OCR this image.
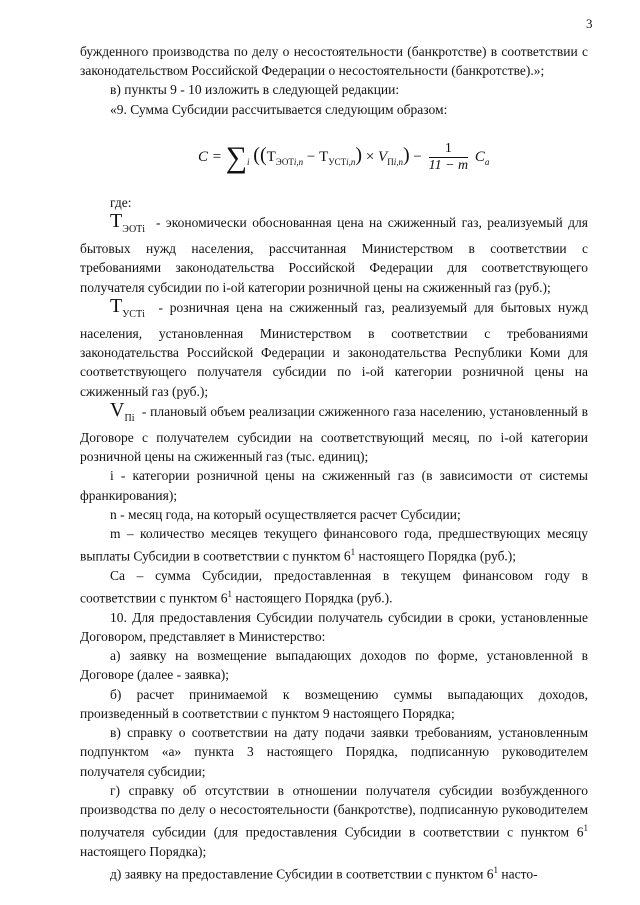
3

бужденного производства по делу о несостоятельности (банкротстве) в соответствии с законодательством Российской Федерации о несостоятельности (банкротстве).»;

в) пункты 9 - 10 изложить в следующей редакции:

«9. Сумма Субсидии рассчитывается следующим образом:

$C = \sum_i$ $((Т_{ЭОТi,n} - Т_{УСТi,n}) \times V_{Пi,n}) - \frac{1}{11 - m} C_a$

где:

$Т_{ЭОТi}$ - экономически обоснованная цена на сжиженный газ, реализуемый для бытовых нужд населения, рассчитанная Министерством в соответствии с требованиями законодательства Российской Федерации для соответствующего получателя субсидии по i-ой категории розничной цены на сжиженный газ (руб.);

$Т_{УСТi}$ - розничная цена на сжиженный газ, реализуемый для бытовых нужд населения, установленная Министерством в соответствии с требованиями законодательства Российской Федерации и законодательства Республики Коми для соответствующего получателя субсидии по i-ой категории розничной цены на сжиженный газ (руб.);

$V_{Пi}$ - плановый объем реализации сжиженного газа населению, установленный в Договоре с получателем субсидии на соответствующий месяц, по i-ой категории розничной цены на сжиженный газ (тыс. единиц);

i - категории розничной цены на сжиженный газ (в зависимости от системы франкирования);

n - месяц года, на который осуществляется расчет Субсидии;

m – количество месяцев текущего финансового года, предшествующих месяцу выплаты Субсидии в соответствии с пунктом $6^1$ настоящего Порядка (руб.);

Ca – сумма Субсидии, предоставленная в текущем финансовом году в соответствии с пунктом $6^1$ настоящего Порядка (руб.).

10. Для предоставления Субсидии получатель субсидии в сроки, установленные Договором, представляет в Министерство:

а) заявку на возмещение выпадающих доходов по форме, установленной в Договоре (далее - заявка);

б) расчет принимаемой к возмещению суммы выпадающих доходов, произведенный в соответствии с пунктом 9 настоящего Порядка;

в) справку о соответствии на дату подачи заявки требованиям, установленным подпунктом «а» пункта 3 настоящего Порядка, подписанную руководителем получателя субсидии;

г) справку об отсутствии в отношении получателя субсидии возбужденного производства по делу о несостоятельности (банкротстве), подписанную руководителем получателя субсидии (для предоставления Субсидии в соответствии с пунктом $6^1$ настоящего Порядка);

д) заявку на предоставление Субсидии в соответствии с пунктом $6^1$ насто-
